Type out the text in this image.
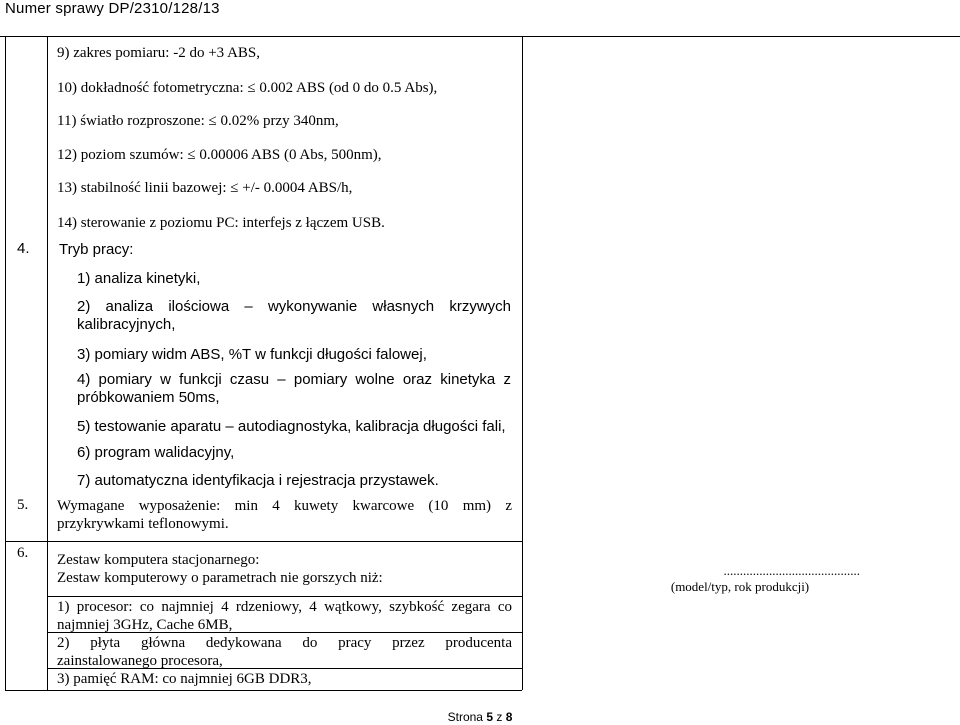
Numer sprawy DP/2310/128/13
9) zakres pomiaru: -2 do +3 ABS,
10) dokładność fotometryczna: ≤ 0.002 ABS (od 0 do 0.5 Abs),
11) światło rozproszone: ≤ 0.02% przy 340nm,
12) poziom szumów: ≤ 0.00006 ABS (0 Abs, 500nm),
13) stabilność linii bazowej: ≤ +/- 0.0004 ABS/h,
14) sterowanie z poziomu PC: interfejs z łączem USB.
4. Tryb pracy:
1) analiza kinetyki,
2) analiza ilościowa – wykonywanie własnych krzywych
kalibracyjnych,
3) pomiary widm ABS, %T w funkcji długości falowej,
4) pomiary w funkcji czasu – pomiary wolne oraz kinetyka z
próbkowaniem 50ms,
5) testowanie aparatu – autodiagnostyka, kalibracja długości fali,
6) program walidacyjny,
7) automatyczna identyfikacja i rejestracja przystawek.
5. Wymagane wyposażenie: min 4 kuwety kwarcowe (10 mm) z
przykrywkami teflonowymi.
6. Zestaw komputera stacjonarnego:
Zestaw komputerowy o parametrach nie gorszych niż:
1) procesor: co najmniej 4 rdzeniowy, 4 wątkowy, szybkość zegara co
najmniej 3GHz, Cache 6MB,
2) płyta główna dedykowana do pracy przez producenta
zainstalowanego procesora,
3) pamięć RAM: co najmniej 6GB DDR3,
..........................................
(model/typ, rok produkcji)
Strona 5 z 8
